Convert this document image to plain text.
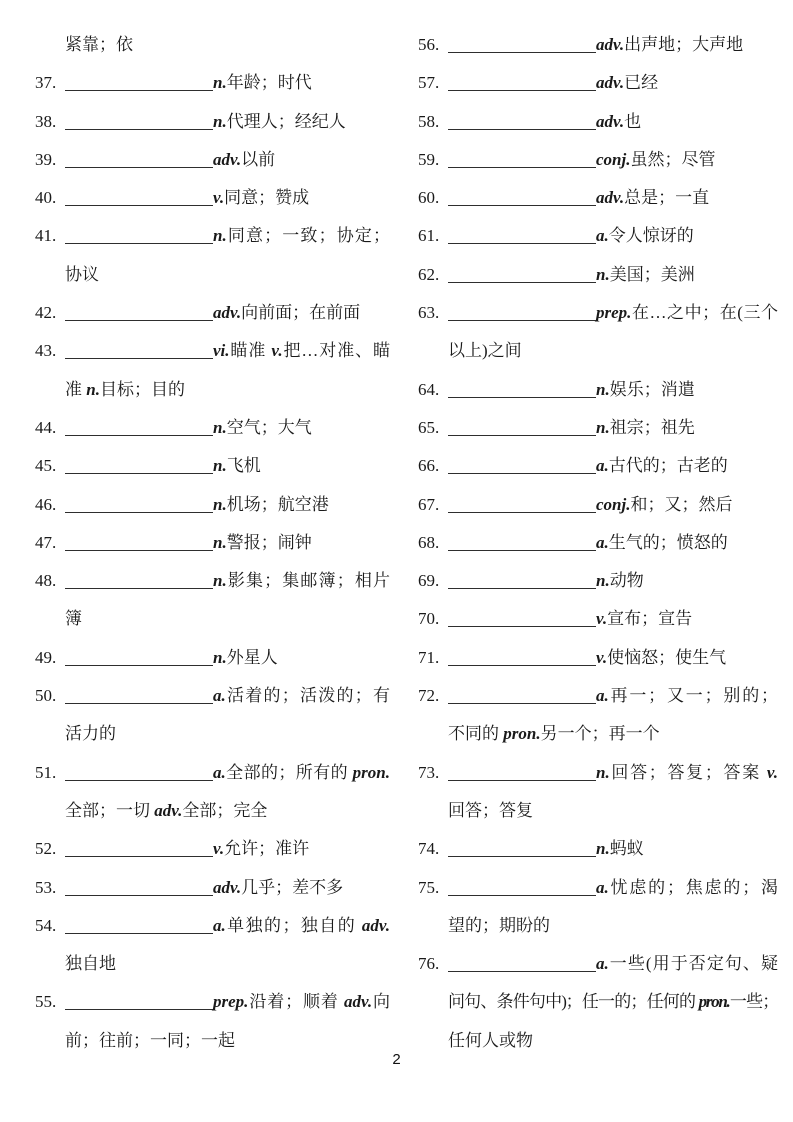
紧靠；依
37.	n.年龄；时代
38.	n.代理人；经纪人
39.	adv.以前
40.	v.同意；赞成
41.	n.同意；一致；协定；
协议
42.	adv.向前面；在前面
43.	vi.瞄准 v.把…对准、瞄
准 n.目标；目的
44.	n.空气；大气
45.	n.飞机
46.	n.机场；航空港
47.	n.警报；闹钟
48.	n.影集；集邮簿；相片
簿
49.	n.外星人
50.	a.活着的；活泼的；有
活力的
51.	a.全部的；所有的 pron.
全部；一切 adv.全部；完全
52.	v.允许；准许
53.	adv.几乎；差不多
54.	a.单独的；独自的 adv.
独自地
55.	prep.沿着；顺着 adv.向
前；往前；一同；一起
56.	adv.出声地；大声地
57.	adv.已经
58.	adv.也
59.	conj.虽然；尽管
60.	adv.总是；一直
61.	a.令人惊讶的
62.	n.美国；美洲
63.	prep.在…之中；在(三个
以上)之间
64.	n.娱乐；消遣
65.	n.祖宗；祖先
66.	a.古代的；古老的
67.	conj.和；又；然后
68.	a.生气的；愤怒的
69.	n.动物
70.	v.宣布；宣告
71.	v.使恼怒；使生气
72.	a.再一；又一；别的；
不同的 pron.另一个；再一个
73.	n.回答；答复；答案 v.
回答；答复
74.	n.蚂蚁
75.	a.忧虑的；焦虑的；渴
望的；期盼的
76.	a.一些(用于否定句、疑
问句、条件句中)；任一的；任何的 pron.一些；
任何人或物
2
